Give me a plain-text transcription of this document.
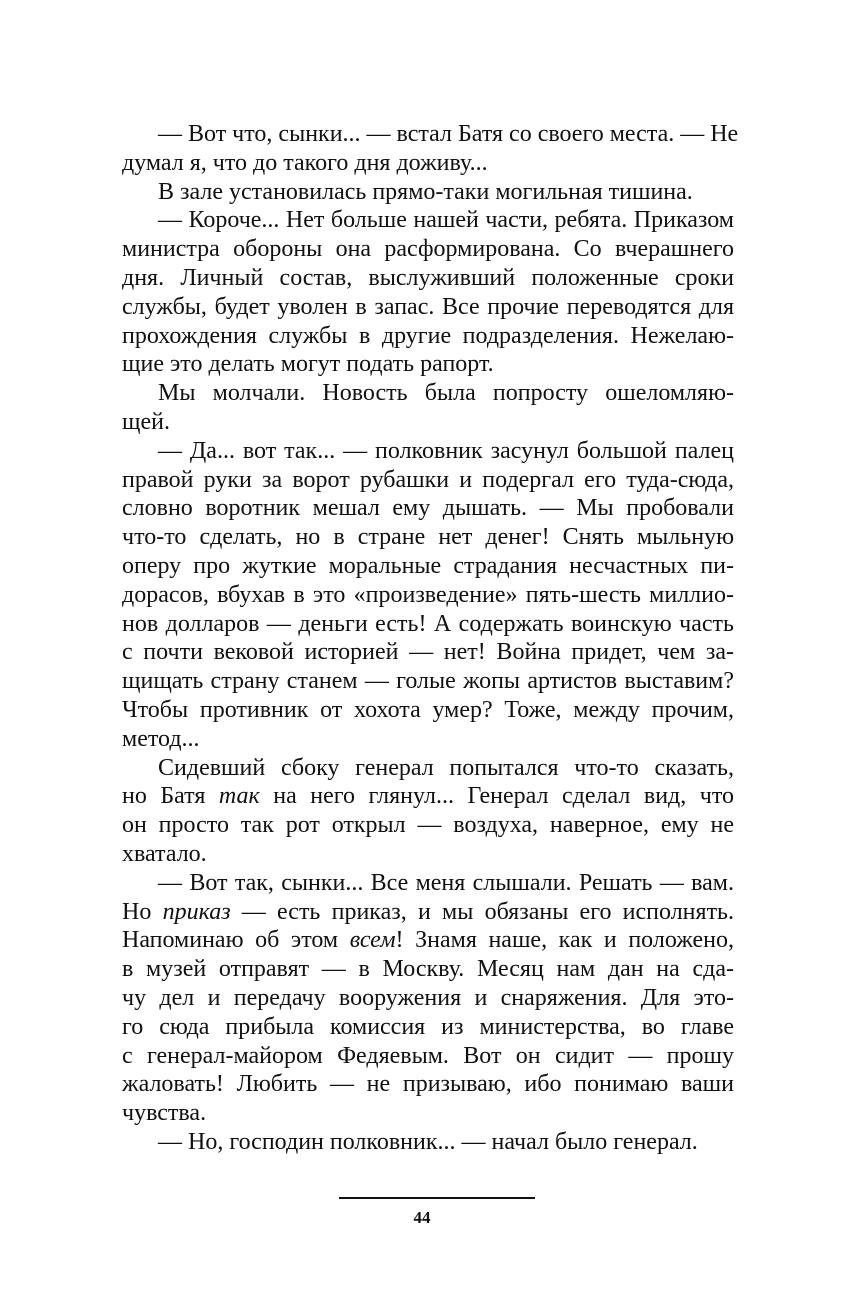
— Вот что, сынки... — встал Батя со своего места. — Не
думал я, что до такого дня доживу...
В зале установилась прямо-таки могильная тишина.
— Короче... Нет больше нашей части, ребята. Приказом
министра обороны она расформирована. Со вчерашнего
дня. Личный состав, выслуживший положенные сроки
службы, будет уволен в запас. Все прочие переводятся для
прохождения службы в другие подразделения. Нежелаю-
щие это делать могут подать рапорт.
Мы молчали. Новость была попросту ошеломляю-
щей.
— Да... вот так... — полковник засунул большой палец
правой руки за ворот рубашки и подергал его туда-сюда,
словно воротник мешал ему дышать. — Мы пробовали
что-то сделать, но в стране нет денег! Снять мыльную
оперу про жуткие моральные страдания несчастных пи-
дорасов, вбухав в это «произведение» пять-шесть миллио-
нов долларов — деньги есть! А содержать воинскую часть
с почти вековой историей — нет! Война придет, чем за-
щищать страну станем — голые жопы артистов выставим?
Чтобы противник от хохота умер? Тоже, между прочим,
метод...
Сидевший сбоку генерал попытался что-то сказать,
но Батя так на него глянул... Генерал сделал вид, что
он просто так рот открыл — воздуха, наверное, ему не
хватало.
— Вот так, сынки... Все меня слышали. Решать — вам.
Но приказ — есть приказ, и мы обязаны его исполнять.
Напоминаю об этом всем! Знамя наше, как и положено,
в музей отправят — в Москву. Месяц нам дан на сда-
чу дел и передачу вооружения и снаряжения. Для это-
го сюда прибыла комиссия из министерства, во главе
с генерал-майором Федяевым. Вот он сидит — прошу
жаловать! Любить — не призываю, ибо понимаю ваши
чувства.
— Но, господин полковник... — начал было генерал.
44
